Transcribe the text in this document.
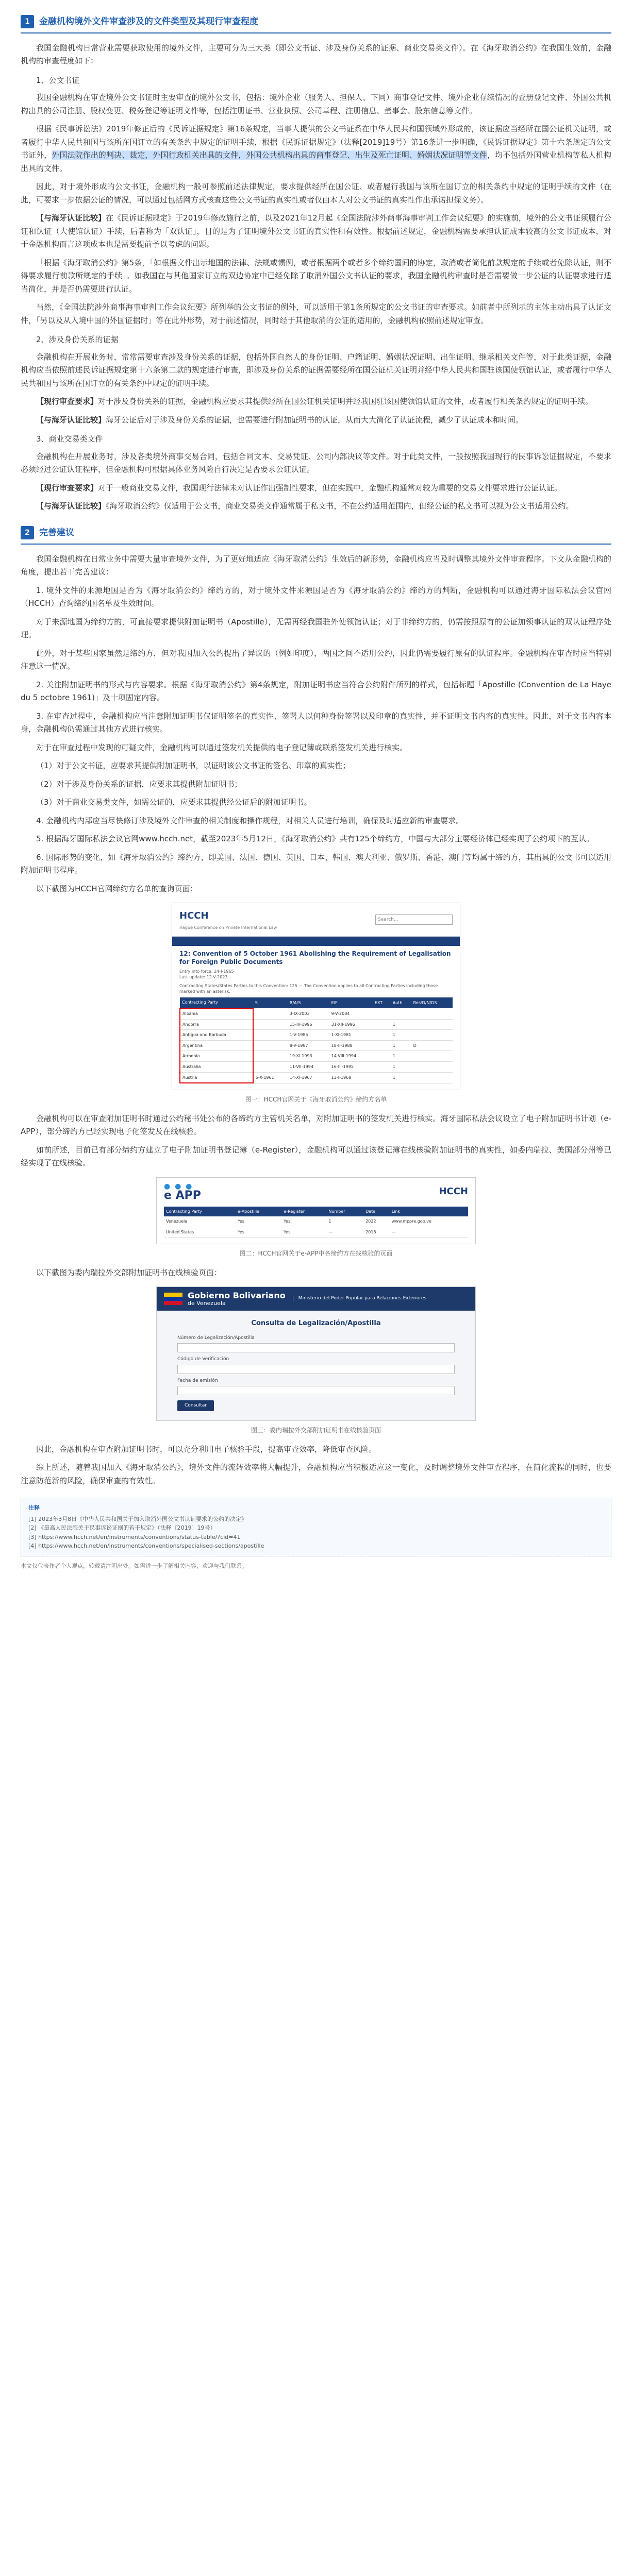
1	金融机构境外文件审查涉及的文件类型及其现行审查程度

我国金融机构日常营业需要获取使用的境外文件，主要可分为三大类（即公文书证、涉及身份关系的证据、商业交易类文件）。在《海牙取消公约》在我国生效前，金融机构的审查程度如下：

1、公文书证

我国金融机构在审查境外公文书证时主要审查的境外公文书，包括：境外企业（服务人、担保人、下同）商事登记文件、境外企业存续情况的查册登记文件、外国公共机构出具的公司注册、股权变更、税务登记等证明文件等，包括注册证书、营业执照、公司章程、注册信息、董事会、股东信息等文件。

根据《民事诉讼法》2019年修正后的《民诉证据规定》第16条规定，当事人提供的公文书证系在中华人民共和国领域外形成的，该证据应当经所在国公证机关证明，或者履行中华人民共和国与该所在国订立的有关条约中规定的证明手续，根据《民诉证据规定》（法释[2019]19号）第16条进一步明确，《民诉证据规定》第十六条规定的公文书证外，外国法院作出的判决、裁定，外国行政机关出具的文件，外国公共机构出具的商事登记、出生及死亡证明、婚姻状况证明等文件，均不包括外国营业机构等私人机构出具的文件。

因此，对于境外形成的公文书证，金融机构一般可参照前述法律规定，要求提供经所在国公证、或者履行我国与该所在国订立的相关条约中规定的证明手续的文件（在此，可要求一步依据公证的情况，可以通过包括网方式核查这些公文书证的真实性或者仅由本人对公文书证的真实性作出承诺担保义务）。

【与海牙认证比较】在《民诉证据规定》于2019年修改施行之前，以及2021年12月起《全国法院涉外商事海事审判工作会议纪要》的实施前，境外的公文书证须履行公证和认证（大使馆认证）手续，后者称为「双认证」，目的是为了证明境外公文书证的真实性和有效性。根据前述规定，金融机构需要承担认证成本较高的公文书证成本，对于金融机构而言这项成本也是需要提前予以考虑的问题。

「根据《海牙取消公约》第5条，「如根据文件出示地国的法律、法规或惯例，或者根据两个或者多个缔约国间的协定，取消或者简化前款规定的手续或者免除认证，则不得要求履行前款所规定的手续」。如我国在与其他国家订立的双边协定中已经免除了取消外国公文书认证的要求，我国金融机构审查时是否需要做一步公证的认证要求进行适当简化，并是否仍需要进行认证。

当然，《全国法院涉外商事海事审判工作会议纪要》所列举的公文书证的例外，可以适用于第1条所规定的公文书证的审查要求。如前者中所列示的主体主动出具了认证文件，「另以及从入境中国的外国证据时」等在此外形势，对于前述情况，同时经于其他取消的公证的适用的，金融机构依照前述规定审查。

2、涉及身份关系的证据

金融机构在开展业务时，常常需要审查涉及身份关系的证据，包括外国自然人的身份证明、户籍证明、婚姻状况证明、出生证明、继承相关文件等，对于此类证据，金融机构应当依照前述民诉证据规定第十六条第二款的规定进行审查，即涉及身份关系的证据需要经所在国公证机关证明并经中华人民共和国驻该国使领馆认证，或者履行中华人民共和国与该所在国订立的有关条约中规定的证明手续。

【现行审查要求】对于涉及身份关系的证据，金融机构应要求其提供经所在国公证机关证明并经我国驻该国使领馆认证的文件，或者履行相关条约规定的证明手续。

【与海牙认证比较】海牙公证后对于涉及身份关系的证据，也需要进行附加证明书的认证，从而大大简化了认证流程，减少了认证成本和时间。

3、商业交易类文件

金融机构在开展业务时，涉及各类境外商事交易合同，包括合同文本、交易凭证、公司内部决议等文件。对于此类文件，一般按照我国现行的民事诉讼证据规定，不要求必须经过公证认证程序，但金融机构可根据具体业务风险自行决定是否要求公证认证。

【现行审查要求】对于一般商业交易文件，我国现行法律未对认证作出强制性要求，但在实践中，金融机构通常对较为重要的交易文件要求进行公证认证。

【与海牙认证比较】《海牙取消公约》仅适用于公文书，商业交易类文件通常属于私文书，不在公约适用范围内，但经公证的私文书可以视为公文书适用公约。

2	完善建议

我国金融机构在日常业务中需要大量审查境外文件，为了更好地适应《海牙取消公约》生效后的新形势，金融机构应当及时调整其境外文件审查程序。下文从金融机构的角度，提出若干完善建议：

1. 境外文件的来源地国是否为《海牙取消公约》缔约方的，对于境外文件来源国是否为《海牙取消公约》缔约方的判断，金融机构可以通过海牙国际私法会议官网（HCCH）查询缔约国名单及生效时间。

对于来源地国为缔约方的，可直接要求提供附加证明书（Apostille），无需再经我国驻外使领馆认证；对于非缔约方的，仍需按照原有的公证加领事认证的双认证程序处理。

此外，对于某些国家虽然是缔约方，但对我国加入公约提出了异议的（例如印度），两国之间不适用公约，因此仍需要履行原有的认证程序。金融机构在审查时应当特别注意这一情况。

2. 关注附加证明书的形式与内容要求。根据《海牙取消公约》第4条规定，附加证明书应当符合公约附件所列的样式，包括标题「Apostille (Convention de La Haye du 5 octobre 1961)」及十项固定内容。

3. 在审查过程中，金融机构应当注意附加证明书仅证明签名的真实性、签署人以何种身份签署以及印章的真实性，并不证明文书内容的真实性。因此，对于文书内容本身，金融机构仍需通过其他方式进行核实。

对于在审查过程中发现的可疑文件，金融机构可以通过签发机关提供的电子登记簿或联系签发机关进行核实。

（1）对于公文书证，应要求其提供附加证明书，以证明该公文书证的签名、印章的真实性；

（2）对于涉及身份关系的证据，应要求其提供附加证明书；

（3）对于商业交易类文件，如需公证的，应要求其提供经公证后的附加证明书。

4. 金融机构内部应当尽快修订涉及境外文件审查的相关制度和操作规程，对相关人员进行培训，确保及时适应新的审查要求。

5. 根据海牙国际私法会议官网www.hcch.net，截至2023年5月12日，《海牙取消公约》共有125个缔约方，中国与大部分主要经济体已经实现了公约项下的互认。

6. 国际形势的变化，如《海牙取消公约》缔约方，即美国、法国、德国、英国、日本、韩国、澳大利亚、俄罗斯、香港、澳门等均属于缔约方，其出具的公文书可以适用附加证明书程序。

以下截图为HCCH官网缔约方名单的查询页面：

HCCH
Hague Conference on Private International Law
Search...
12: Convention of 5 October 1961 Abolishing the Requirement of Legalisation for Foreign Public Documents
Entry into force: 24-I-1965
Last update: 12-V-2023
Contracting States/States Parties to this Convention: 125 — The Convention applies to all Contracting Parties including those marked with an asterisk.
Contracting Party	S	R/A/S	EIF	EXT	Auth	Res/D/N/DS
Albania		3-IX-2003	9-V-2004			
Andorra		15-IV-1996	31-XII-1996		1	
Antigua and Barbuda		1-V-1985	1-XI-1981		1	
Argentina		8-V-1987	18-II-1988		1	D
Armenia		19-XI-1993	14-VIII-1994		1	
Australia		11-VII-1994	16-III-1995		1	
Austria	5-X-1961	14-XI-1967	13-I-1968		1	
图一：HCCH官网关于《海牙取消公约》缔约方名单

金融机构可以在审查附加证明书时通过公约秘书处公布的各缔约方主管机关名单，对附加证明书的签发机关进行核实。海牙国际私法会议设立了电子附加证明书计划（e-APP），部分缔约方已经实现电子化签发及在线核验。

如前所述，目前已有部分缔约方建立了电子附加证明书登记簿（e-Register），金融机构可以通过该登记簿在线核验附加证明书的真实性，如委内瑞拉、美国部分州等已经实现了在线核验。

● ● ●
e APP	HCCH
Contracting Party	e-Apostille	e-Register	Number	Date	Link
Venezuela	Yes	Yes	1	2022	www.mppre.gob.ve
United States	Yes	Yes	—	2018	—
图二：HCCH官网关于e-APP中各缔约方在线核验的页面

以下截图为委内瑞拉外交部附加证明书在线核验页面：

Gobierno Bolivariano
de Venezuela
Ministerio del Poder Popular para Relaciones Exteriores
Consulta de Legalización/Apostilla
Número de Legalización/Apostilla
Código de Verificación
Fecha de emisión
Consultar
图三：委内瑞拉外交部附加证明书在线核验页面

因此，金融机构在审查附加证明书时，可以充分利用电子核验手段，提高审查效率，降低审查风险。

综上所述，随着我国加入《海牙取消公约》，境外文件的流转效率将大幅提升，金融机构应当积极适应这一变化，及时调整境外文件审查程序，在简化流程的同时，也要注意防范新的风险，确保审查的有效性。

注释
[1] 2023年3月8日《中华人民共和国关于加入取消外国公文书认证要求的公约的决定》
[2] 《最高人民法院关于民事诉讼证据的若干规定》（法释〔2019〕19号）
[3] https://www.hcch.net/en/instruments/conventions/status-table/?cid=41
[4] https://www.hcch.net/en/instruments/conventions/specialised-sections/apostille
本文仅代表作者个人观点，转载请注明出处。如需进一步了解相关内容，欢迎与我们联系。
